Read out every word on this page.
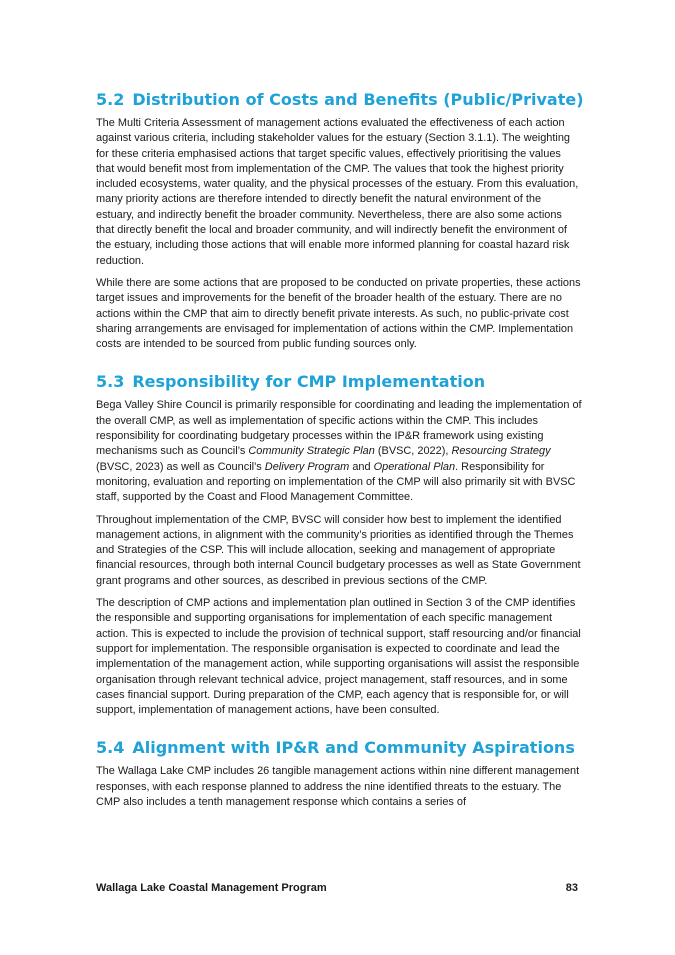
5.2 Distribution of Costs and Benefits (Public/Private)

The Multi Criteria Assessment of management actions evaluated the effectiveness of each action against various criteria, including stakeholder values for the estuary (Section 3.1.1). The weighting for these criteria emphasised actions that target specific values, effectively prioritising the values that would benefit most from implementation of the CMP. The values that took the highest priority included ecosystems, water quality, and the physical processes of the estuary. From this evaluation, many priority actions are therefore intended to directly benefit the natural environment of the estuary, and indirectly benefit the broader community. Nevertheless, there are also some actions that directly benefit the local and broader community, and will indirectly benefit the environment of the estuary, including those actions that will enable more informed planning for coastal hazard risk reduction.

While there are some actions that are proposed to be conducted on private properties, these actions target issues and improvements for the benefit of the broader health of the estuary. There are no actions within the CMP that aim to directly benefit private interests. As such, no public-private cost sharing arrangements are envisaged for implementation of actions within the CMP. Implementation costs are intended to be sourced from public funding sources only.

5.3 Responsibility for CMP Implementation

Bega Valley Shire Council is primarily responsible for coordinating and leading the implementation of the overall CMP, as well as implementation of specific actions within the CMP. This includes responsibility for coordinating budgetary processes within the IP&R framework using existing mechanisms such as Council’s Community Strategic Plan (BVSC, 2022), Resourcing Strategy (BVSC, 2023) as well as Council’s Delivery Program and Operational Plan. Responsibility for monitoring, evaluation and reporting on implementation of the CMP will also primarily sit with BVSC staff, supported by the Coast and Flood Management Committee.

Throughout implementation of the CMP, BVSC will consider how best to implement the identified management actions, in alignment with the community’s priorities as identified through the Themes and Strategies of the CSP. This will include allocation, seeking and management of appropriate financial resources, through both internal Council budgetary processes as well as State Government grant programs and other sources, as described in previous sections of the CMP.

The description of CMP actions and implementation plan outlined in Section 3 of the CMP identifies the responsible and supporting organisations for implementation of each specific management action. This is expected to include the provision of technical support, staff resourcing and/or financial support for implementation. The responsible organisation is expected to coordinate and lead the implementation of the management action, while supporting organisations will assist the responsible organisation through relevant technical advice, project management, staff resources, and in some cases financial support. During preparation of the CMP, each agency that is responsible for, or will support, implementation of management actions, have been consulted.

5.4 Alignment with IP&R and Community Aspirations

The Wallaga Lake CMP includes 26 tangible management actions within nine different management responses, with each response planned to address the nine identified threats to the estuary. The CMP also includes a tenth management response which contains a series of

Wallaga Lake Coastal Management Program	83
